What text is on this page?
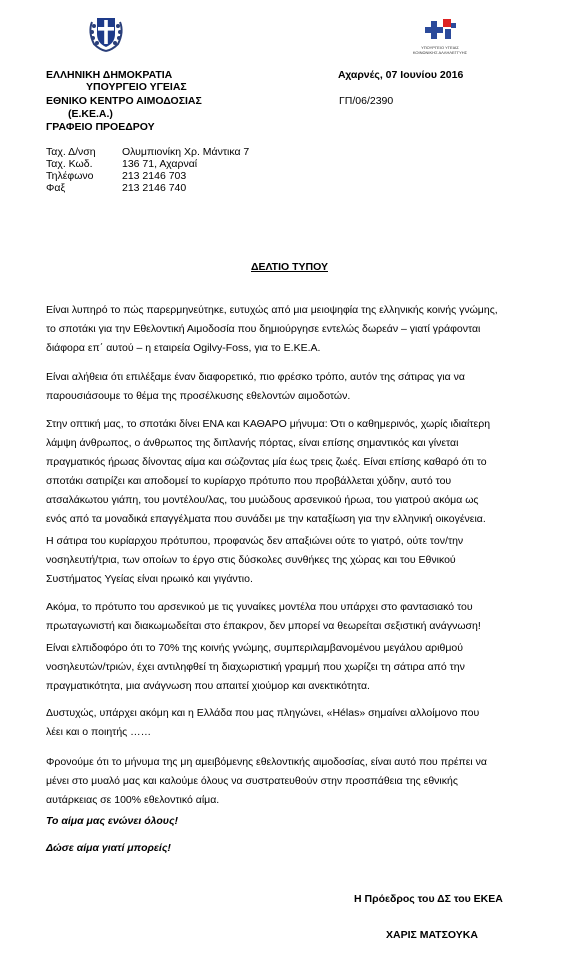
ΥΠΟΥΡΓΕΙΟ ΥΓΕΙΑΣ
ΚΟΙΝΩΝΙΚΗΣ ΑΛΛΗΛΕΓΓΥΗΣ
ΕΛΛΗΝΙΚΗ ΔΗΜΟΚΡΑΤΙΑ
ΥΠΟΥΡΓΕΙΟ ΥΓΕΙΑΣ
ΕΘΝΙΚΟ ΚΕΝΤΡΟ ΑΙΜΟΔΟΣΙΑΣ
(Ε.ΚΕ.Α.)
ΓΡΑΦΕΙΟ ΠΡΟΕΔΡΟΥ
Αχαρνές, 07 Ιουνίου 2016
ΓΠ/06/2390
Ταχ. Δ/νση	Ολυμπιονίκη Χρ. Μάντικα 7
Ταχ. Κωδ.	136 71, Αχαρναί
Τηλέφωνο	213 2146 703
Φαξ	213 2146 740
ΔΕΛΤΙΟ ΤΥΠΟΥ
Είναι λυπηρό το πώς παρερμηνεύτηκε, ευτυχώς από μια μειοψηφία της ελληνικής κοινής γνώμης,
το σποτάκι για την Εθελοντική Αιμοδοσία που δημιούργησε εντελώς δωρεάν – γιατί γράφονται
διάφορα επ΄ αυτού – η εταιρεία Ogilvy-Foss, για το Ε.ΚΕ.Α.
Είναι αλήθεια ότι επιλέξαμε έναν διαφορετικό, πιο φρέσκο τρόπο, αυτόν της σάτιρας για να
παρουσιάσουμε το θέμα της προσέλκυσης εθελοντών αιμοδοτών.
Στην οπτική μας, το σποτάκι δίνει ΕΝΑ και ΚΑΘΑΡΟ μήνυμα: Ότι ο καθημερινός, χωρίς ιδιαίτερη
λάμψη άνθρωπος, ο άνθρωπος της διπλανής πόρτας, είναι επίσης σημαντικός και γίνεται
πραγματικός ήρωας δίνοντας αίμα και σώζοντας μία έως τρεις ζωές. Είναι επίσης καθαρό ότι το
σποτάκι σατιρίζει και αποδομεί το κυρίαρχο πρότυπο που προβάλλεται χύδην, αυτό του
ατσαλάκωτου γιάπη, του μοντέλου/λας, του μυώδους αρσενικού ήρωα, του γιατρού ακόμα ως
ενός από τα μοναδικά επαγγέλματα που συνάδει με την καταξίωση για την ελληνική οικογένεια.
Η σάτιρα του κυρίαρχου πρότυπου, προφανώς δεν απαξιώνει ούτε το γιατρό, ούτε τον/την
νοσηλευτή/τρια, των οποίων το έργο στις δύσκολες συνθήκες της χώρας και του Εθνικού
Συστήματος Υγείας είναι ηρωικό και γιγάντιο.
Ακόμα, το πρότυπο του αρσενικού με τις γυναίκες μοντέλα που υπάρχει στο φαντασιακό του
πρωταγωνιστή και διακωμωδείται στο έπακρον, δεν μπορεί να θεωρείται σεξιστική ανάγνωση!
Είναι ελπιδοφόρο ότι το 70% της κοινής γνώμης, συμπεριλαμβανομένου μεγάλου αριθμού
νοσηλευτών/τριών, έχει αντιληφθεί τη διαχωριστική γραμμή που χωρίζει τη σάτιρα από την
πραγματικότητα, μια ανάγνωση που απαιτεί χιούμορ και ανεκτικότητα.
Δυστυχώς, υπάρχει ακόμη και η Ελλάδα που μας πληγώνει, «Hélas» σημαίνει αλλοίμονο που
λέει και ο ποιητής ……
Φρονούμε ότι το μήνυμα της μη αμειβόμενης εθελοντικής αιμοδοσίας, είναι αυτό που πρέπει να
μένει στο μυαλό μας και καλούμε όλους να συστρατευθούν στην προσπάθεια της εθνικής
αυτάρκειας σε 100% εθελοντικό αίμα.
Το αίμα μας ενώνει όλους!
Δώσε αίμα γιατί μπορείς!
Η Πρόεδρος του ΔΣ του ΕΚΕΑ
ΧΑΡΙΣ ΜΑΤΣΟΥΚΑ
